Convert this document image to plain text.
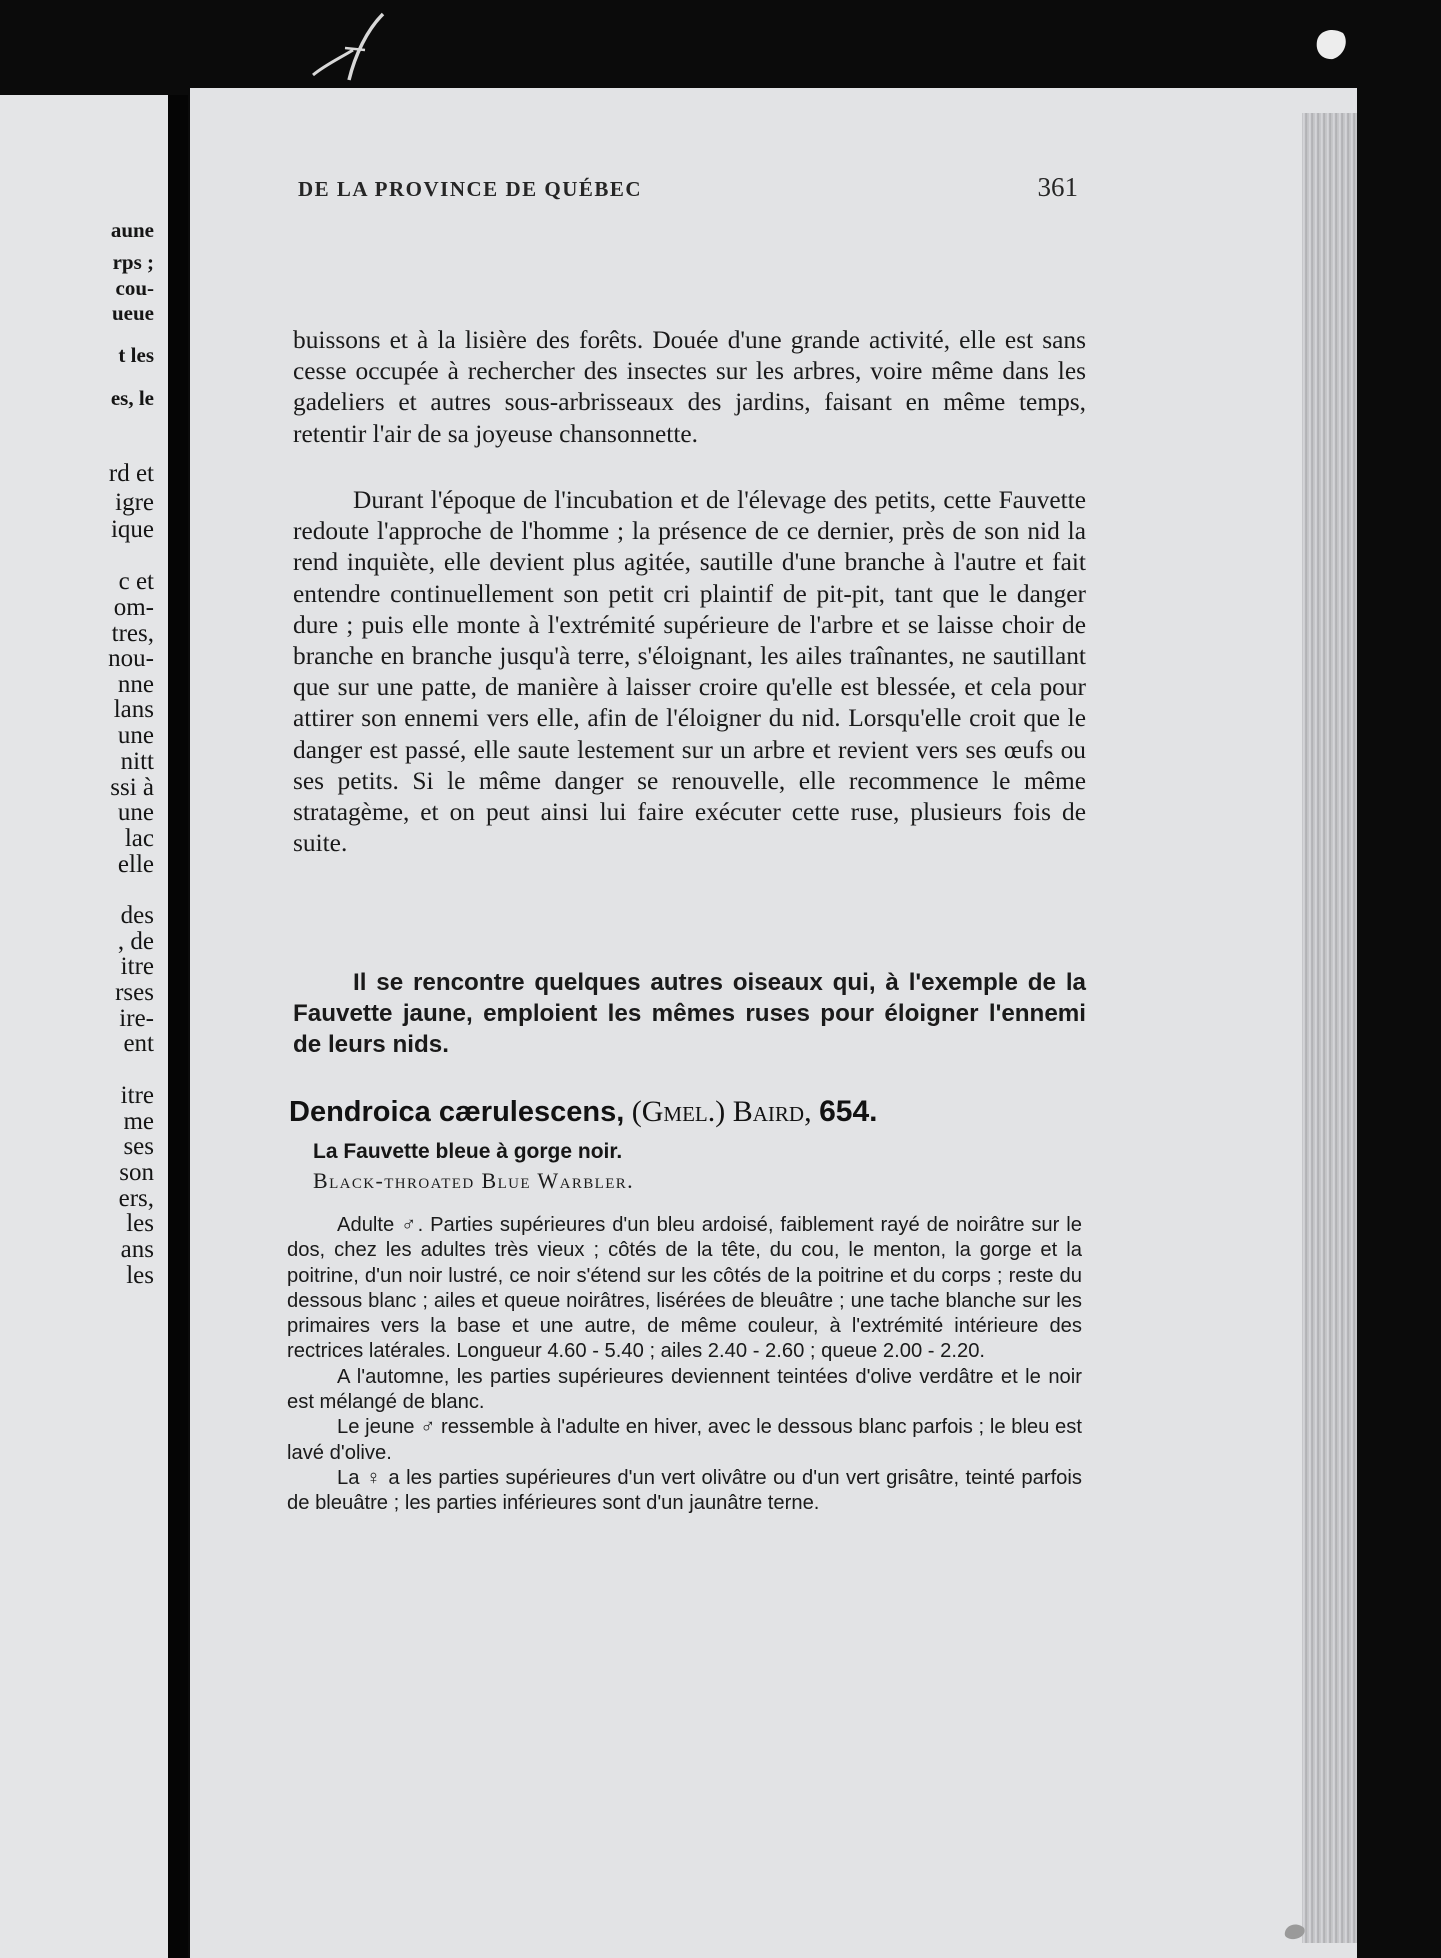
aune
rps ;
cou-
ueue
t les
es, le
rd et
igre
ique
c et
om-
tres,
nou-
nne
lans
une
nitt
ssi à
une
lac
elle
des
, de
itre
rses
ire-
ent
itre
me
ses
son
ers,
les
ans
les
DE LA PROVINCE DE QUÉBEC	361

buissons et à la lisière des forêts. Douée d'une grande activité, elle est sans cesse occupée à rechercher des insectes sur les arbres, voire même dans les gadeliers et autres sous-arbrisseaux des jardins, faisant en même temps, retentir l'air de sa joyeuse chansonnette.

Durant l'époque de l'incubation et de l'élevage des petits, cette Fauvette redoute l'approche de l'homme ; la présence de ce dernier, près de son nid la rend inquiète, elle devient plus agitée, sautille d'une branche à l'autre et fait entendre continuellement son petit cri plaintif de pit-pit, tant que le danger dure ; puis elle monte à l'extrémité supérieure de l'arbre et se laisse choir de branche en branche jusqu'à terre, s'éloignant, les ailes traînantes, ne sautillant que sur une patte, de manière à laisser croire qu'elle est blessée, et cela pour attirer son ennemi vers elle, afin de l'éloigner du nid. Lorsqu'elle croit que le danger est passé, elle saute lestement sur un arbre et revient vers ses œufs ou ses petits. Si le même danger se renouvelle, elle recommence le même stratagème, et on peut ainsi lui faire exécuter cette ruse, plusieurs fois de suite.

Il se rencontre quelques autres oiseaux qui, à l'exemple de la Fauvette jaune, emploient les mêmes ruses pour éloigner l'ennemi de leurs nids.

Dendroica cærulescens, (Gmel.) Baird, 654.
La Fauvette bleue à gorge noir.
Black-throated Blue Warbler.

Adulte ♂. Parties supérieures d'un bleu ardoisé, faiblement rayé de noirâtre sur le dos, chez les adultes très vieux ; côtés de la tête, du cou, le menton, la gorge et la poitrine, d'un noir lustré, ce noir s'étend sur les côtés de la poitrine et du corps ; reste du dessous blanc ; ailes et queue noirâtres, lisérées de bleuâtre ; une tache blanche sur les primaires vers la base et une autre, de même couleur, à l'extrémité intérieure des rectrices latérales. Longueur 4.60 - 5.40 ; ailes 2.40 - 2.60 ; queue 2.00 - 2.20.

A l'automne, les parties supérieures deviennent teintées d'olive verdâtre et le noir est mélangé de blanc.

Le jeune ♂ ressemble à l'adulte en hiver, avec le dessous blanc parfois ; le bleu est lavé d'olive.

La ♀ a les parties supérieures d'un vert olivâtre ou d'un vert grisâtre, teinté parfois de bleuâtre ; les parties inférieures sont d'un jaunâtre terne.
